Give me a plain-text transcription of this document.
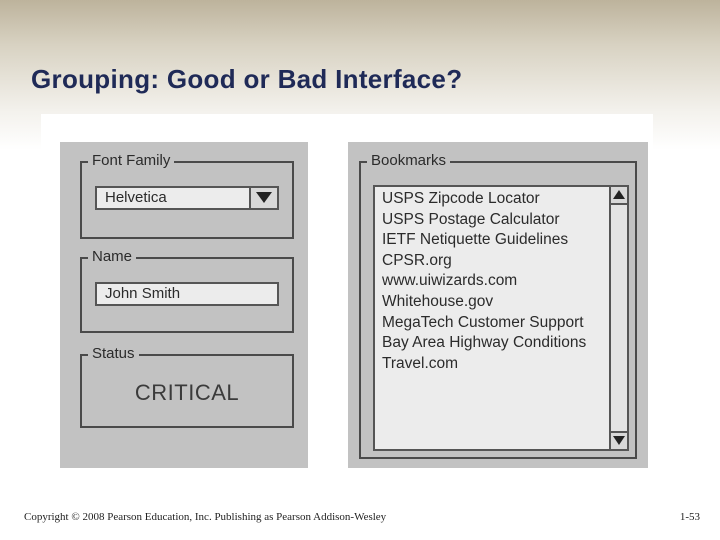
Grouping: Good or Bad Interface?
Font Family
Helvetica
Name
John Smith
Status
CRITICAL
Bookmarks
USPS Zipcode Locator
USPS Postage Calculator
IETF Netiquette Guidelines
CPSR.org
www.uiwizards.com
Whitehouse.gov
MegaTech Customer Support
Bay Area Highway Conditions
Travel.com
Copyright © 2008 Pearson Education, Inc. Publishing as Pearson Addison-Wesley	1-53
